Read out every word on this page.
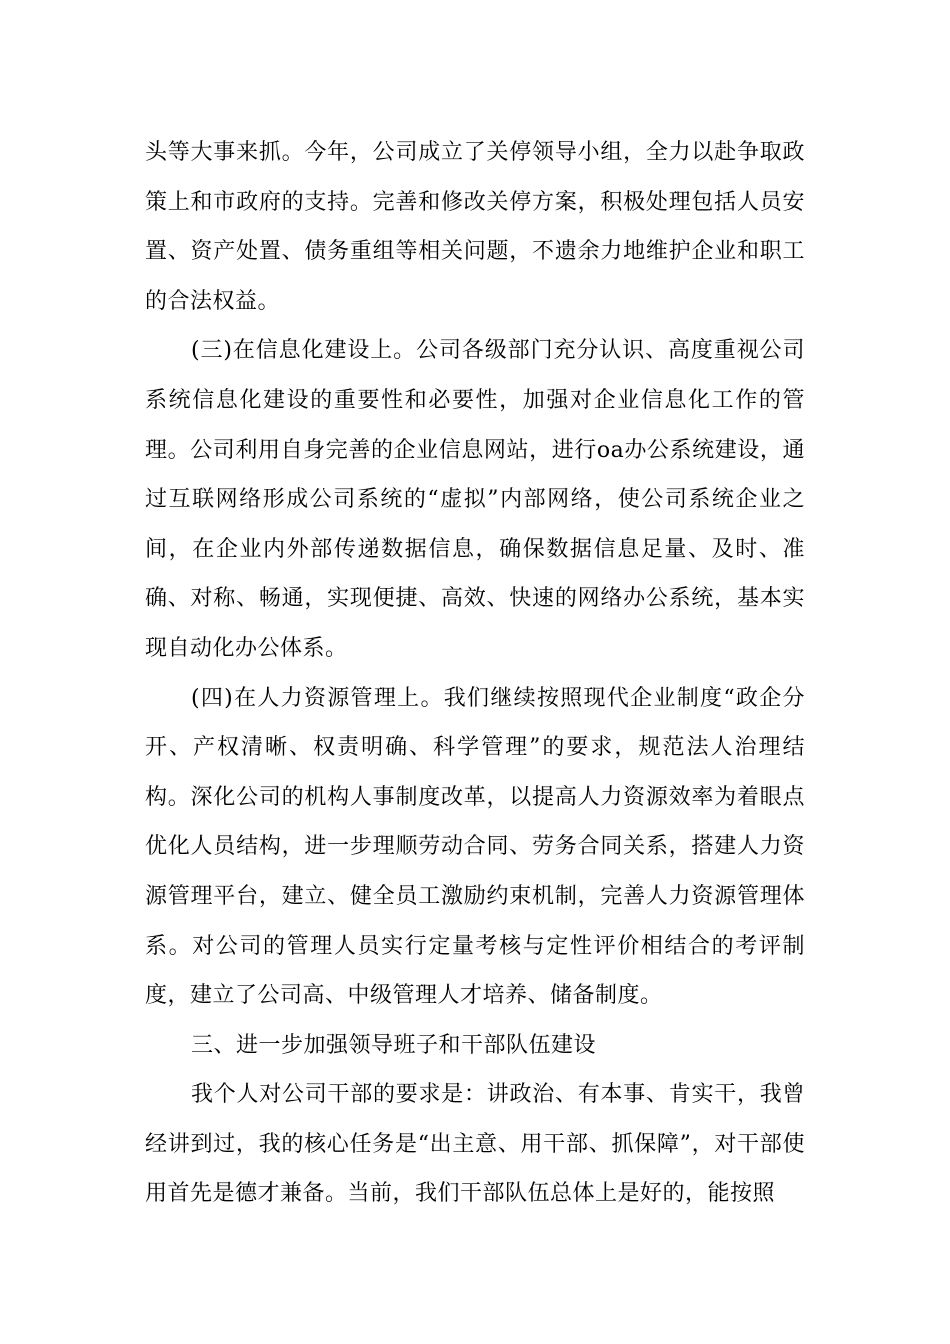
头等大事来抓。今年，公司成立了关停领导小组，全力以赴争取政策上和市政府的支持。完善和修改关停方案，积极处理包括人员安置、资产处置、债务重组等相关问题，不遗余力地维护企业和职工的合法权益。

(三)在信息化建设上。公司各级部门充分认识、高度重视公司系统信息化建设的重要性和必要性，加强对企业信息化工作的管理。公司利用自身完善的企业信息网站，进行oa办公系统建设，通过互联网络形成公司系统的“虚拟”内部网络，使公司系统企业之间，在企业内外部传递数据信息，确保数据信息足量、及时、准确、对称、畅通，实现便捷、高效、快速的网络办公系统，基本实现自动化办公体系。

(四)在人力资源管理上。我们继续按照现代企业制度“政企分开、产权清晰、权责明确、科学管理”的要求，规范法人治理结构。深化公司的机构人事制度改革，以提高人力资源效率为着眼点优化人员结构，进一步理顺劳动合同、劳务合同关系，搭建人力资源管理平台，建立、健全员工激励约束机制，完善人力资源管理体系。对公司的管理人员实行定量考核与定性评价相结合的考评制度，建立了公司高、中级管理人才培养、储备制度。

三、进一步加强领导班子和干部队伍建设

我个人对公司干部的要求是：讲政治、有本事、肯实干，我曾经讲到过，我的核心任务是“出主意、用干部、抓保障”，对干部使用首先是德才兼备。当前，我们干部队伍总体上是好的，能按照
